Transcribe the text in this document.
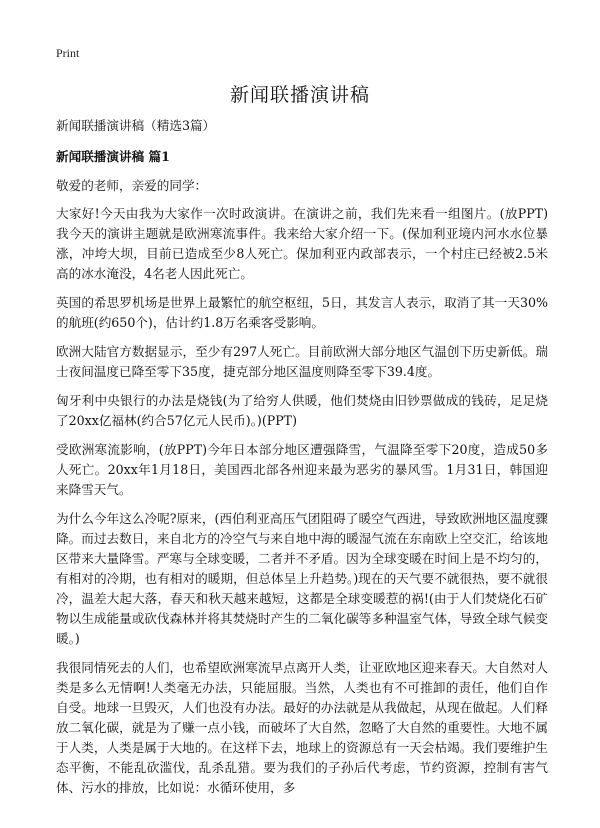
Print
新闻联播演讲稿

新闻联播演讲稿（精选3篇）

新闻联播演讲稿 篇1

敬爱的老师，亲爱的同学：

大家好!今天由我为大家作一次时政演讲。在演讲之前，我们先来看一组图片。(放PPT)我今天的演讲主题就是欧洲寒流事件。我来给大家介绍一下。(保加利亚境内河水水位暴涨，冲垮大坝，目前已造成至少8人死亡。保加利亚内政部表示，一个村庄已经被2.5米高的冰水淹没，4名老人因此死亡。

英国的希思罗机场是世界上最繁忙的航空枢纽，5日，其发言人表示，取消了其一天30%的航班(约650个)，估计约1.8万名乘客受影响。

欧洲大陆官方数据显示，至少有297人死亡。目前欧洲大部分地区气温创下历史新低。瑞士夜间温度已降至零下35度，捷克部分地区温度则降至零下39.4度。

匈牙利中央银行的办法是烧钱(为了给穷人供暖，他们焚烧由旧钞票做成的钱砖，足足烧了20xx亿福林(约合57亿元人民币)。)(PPT)

受欧洲寒流影响，(放PPT)今年日本部分地区遭强降雪，气温降至零下20度，造成50多人死亡。20xx年1月18日，美国西北部各州迎来最为恶劣的暴风雪。1月31日，韩国迎来降雪天气。

为什么今年这么冷呢?原来，(西伯利亚高压气团阻碍了暖空气西进，导致欧洲地区温度骤降。而过去数日，来自北方的冷空气与来自地中海的暖湿气流在东南欧上空交汇，给该地区带来大量降雪。严寒与全球变暖，二者并不矛盾。因为全球变暖在时间上是不均匀的，有相对的冷期，也有相对的暖期，但总体呈上升趋势。)现在的天气要不就很热，要不就很冷，温差大起大落，春天和秋天越来越短，这都是全球变暖惹的祸!(由于人们焚烧化石矿物以生成能量或砍伐森林并将其焚烧时产生的二氧化碳等多种温室气体，导致全球气候变暖。)

我很同情死去的人们，也希望欧洲寒流早点离开人类，让亚欧地区迎来春天。大自然对人类是多么无情啊!人类毫无办法，只能屈服。当然，人类也有不可推卸的责任，他们自作自受。地球一旦毁灭，人们也没有办法。最好的办法就是从我做起，从现在做起。人们释放二氧化碳，就是为了赚一点小钱，而破坏了大自然，忽略了大自然的重要性。大地不属于人类，人类是属于大地的。在这样下去，地球上的资源总有一天会枯竭。我们要维护生态平衡，不能乱砍滥伐，乱杀乱猎。要为我们的子孙后代考虑，节约资源，控制有害气体、污水的排放，比如说：水循环使用，多
